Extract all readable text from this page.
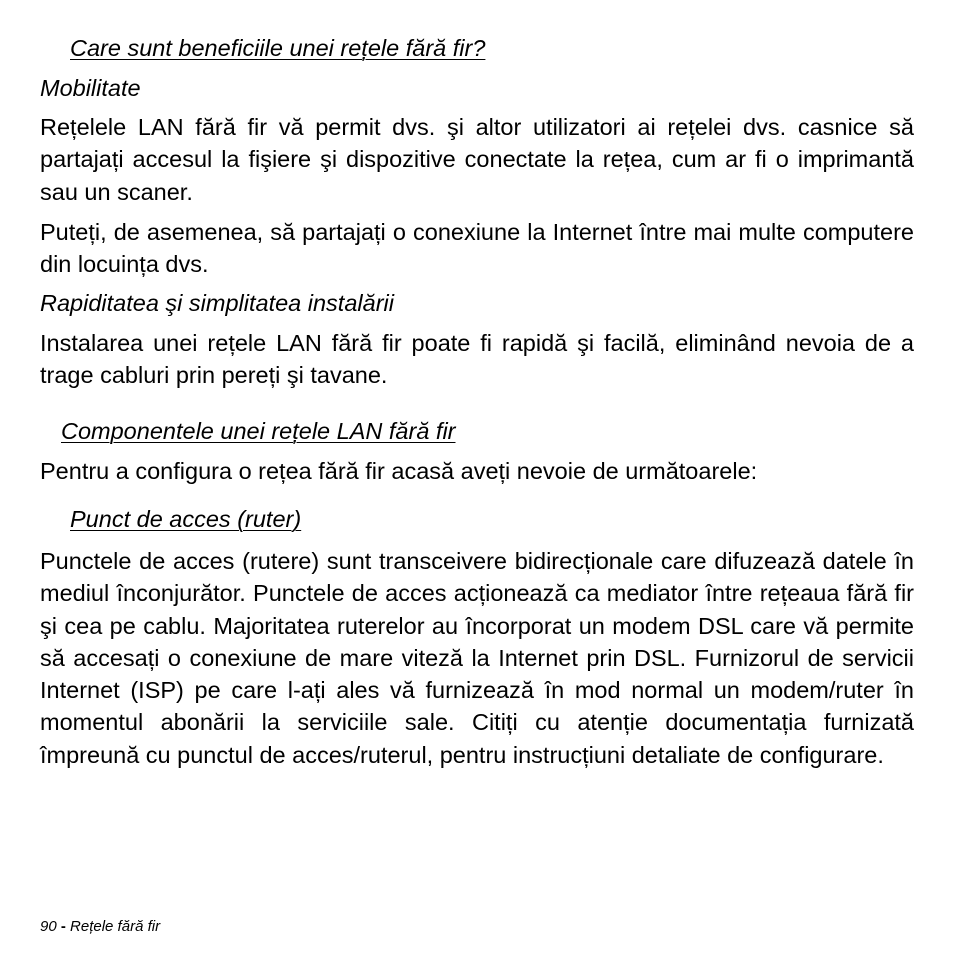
Care sunt beneficiile unei rețele fără fir?
Mobilitate

Rețelele LAN fără fir vă permit dvs. şi altor utilizatori ai rețelei dvs. casnice să partajați accesul la fişiere şi dispozitive conectate la rețea, cum ar fi o imprimantă sau un scaner.

Puteți, de asemenea, să partajați o conexiune la Internet între mai multe computere din locuința dvs.

Rapiditatea şi simplitatea instalării

Instalarea unei rețele LAN fără fir poate fi rapidă şi facilă, eliminând nevoia de a trage cabluri prin pereți şi tavane.

Componentele unei rețele LAN fără fir

Pentru a configura o rețea fără fir acasă aveți nevoie de următoarele:

Punct de acces (ruter)

Punctele de acces (rutere) sunt transceivere bidirecționale care difuzează datele în mediul înconjurător. Punctele de acces acționează ca mediator între rețeaua fără fir şi cea pe cablu. Majoritatea ruterelor au încorporat un modem DSL care vă permite să accesați o conexiune de mare viteză la Internet prin DSL. Furnizorul de servicii Internet (ISP) pe care l-ați ales vă furnizează în mod normal un modem/ruter în momentul abonării la serviciile sale. Citiți cu atenție documentația furnizată împreună cu punctul de acces/ruterul, pentru instrucțiuni detaliate de configurare.

90 - Rețele fără fir
